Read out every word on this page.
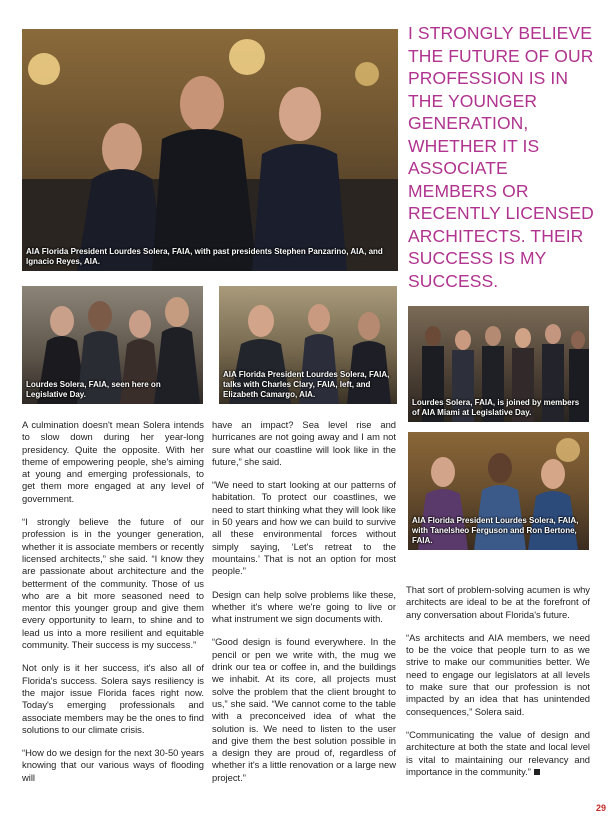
AIA Florida President Lourdes Solera, FAIA, with past presidents Stephen Panzarino, AIA, and Ignacio Reyes, AIA.
I STRONGLY BELIEVE THE FUTURE OF OUR PROFESSION IS IN THE YOUNGER GENERATION, WHETHER IT IS ASSOCIATE MEMBERS OR RECENTLY LICENSED ARCHITECTS. THEIR SUCCESS IS MY SUCCESS.
Lourdes Solera, FAIA, seen here on Legislative Day.
AIA Florida President Lourdes Solera, FAIA, talks with Charles Clary, FAIA, left, and Elizabeth Camargo, AIA.
Lourdes Solera, FAIA, is joined by members of AIA Miami at Legislative Day.
AIA Florida President Lourdes Solera, FAIA, with Tanelsheo Ferguson and Ron Bertone, FAIA.

A culmination doesn't mean Solera intends to slow down during her year-long presidency. Quite the opposite. With her theme of empowering people, she's aiming at young and emerging professionals, to get them more engaged at any level of government.

“I strongly believe the future of our profession is in the younger generation, whether it is associate members or recently licensed architects,” she said. “I know they are passionate about architecture and the betterment of the community. Those of us who are a bit more seasoned need to mentor this younger group and give them every opportunity to learn, to shine and to lead us into a more resilient and equitable community. Their success is my success.”

Not only is it her success, it's also all of Florida's success. Solera says resiliency is the major issue Florida faces right now. Today's emerging professionals and associate members may be the ones to find solutions to our climate crisis.

“How do we design for the next 30-50 years knowing that our various ways of flooding will

have an impact? Sea level rise and hurricanes are not going away and I am not sure what our coastline will look like in the future,” she said.

“We need to start looking at our patterns of habitation. To protect our coastlines, we need to start thinking what they will look like in 50 years and how we can build to survive all these environmental forces without simply saying, ‘Let's retreat to the mountains.’ That is not an option for most people.”

Design can help solve problems like these, whether it's where we're going to live or what instrument we sign documents with.

“Good design is found everywhere. In the pencil or pen we write with, the mug we drink our tea or coffee in, and the buildings we inhabit. At its core, all projects must solve the problem that the client brought to us,” she said. “We cannot come to the table with a preconceived idea of what the solution is. We need to listen to the user and give them the best solution possible in a design they are proud of, regardless of whether it's a little renovation or a large new project.”

That sort of problem-solving acumen is why architects are ideal to be at the forefront of any conversation about Florida's future.

“As architects and AIA members, we need to be the voice that people turn to as we strive to make our communities better. We need to engage our legislators at all levels to make sure that our profession is not impacted by an idea that has unintended consequences,” Solera said.

“Communicating the value of design and architecture at both the state and local level is vital to maintaining our relevancy and importance in the community.”

29
